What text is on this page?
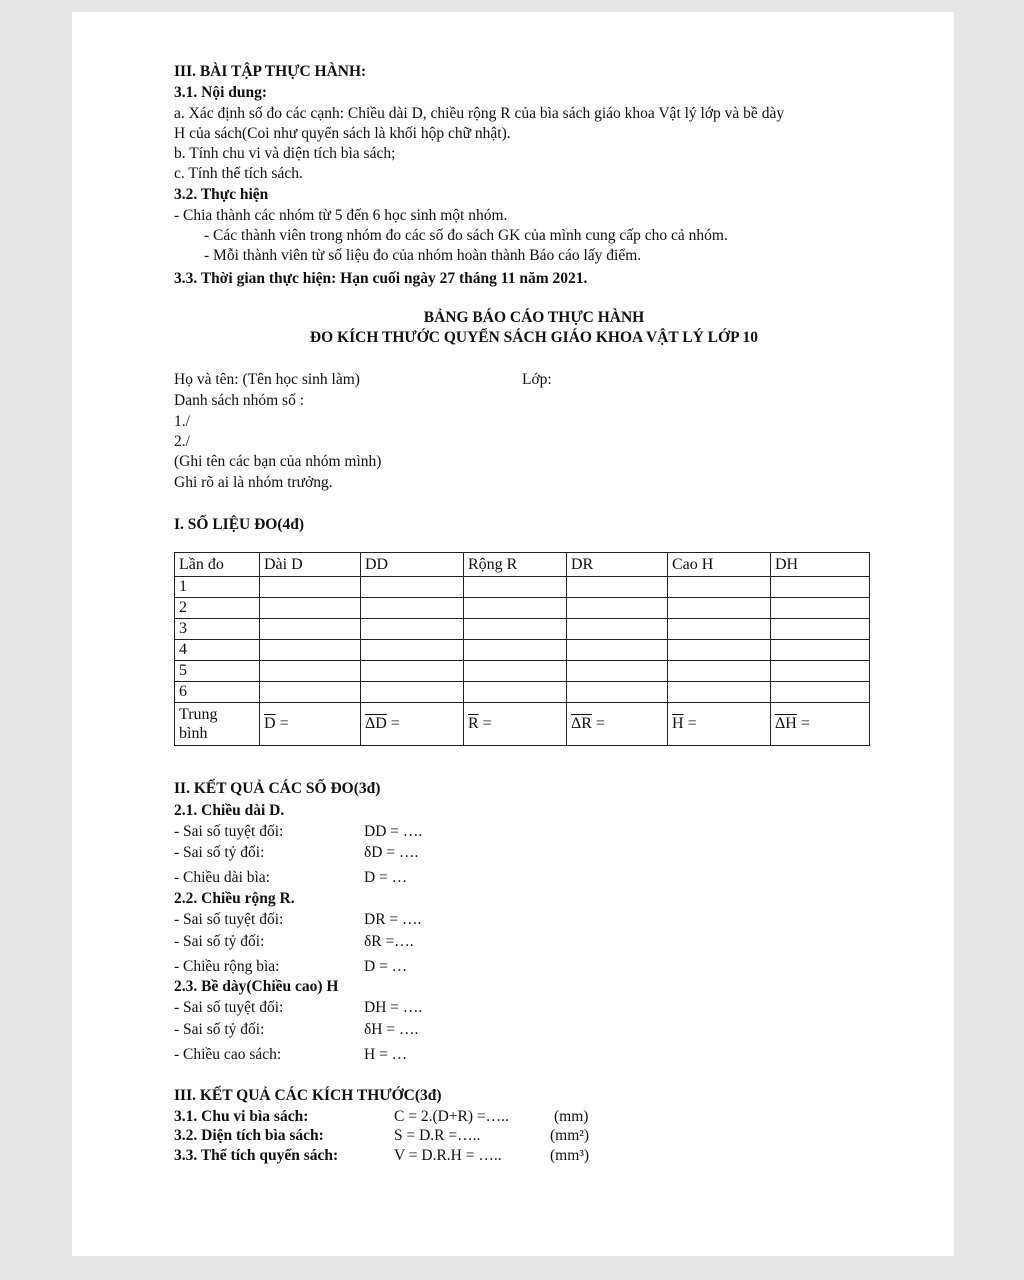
III. BÀI TẬP THỰC HÀNH:
3.1. Nội dung:
a. Xác định số đo các cạnh: Chiều dài D, chiều rộng R của bìa sách giáo khoa Vật lý lớp và bề dày
H của sách(Coi như quyển sách là khối hộp chữ nhật).
b. Tính chu vi và diện tích bìa sách;
c. Tính thể tích sách.
3.2. Thực hiện
- Chia thành các nhóm từ 5 đến 6 học sinh một nhóm.
- Các thành viên trong nhóm đo các số đo sách GK của mình cung cấp cho cả nhóm.
- Mỗi thành viên từ số liệu đo của nhóm hoàn thành Báo cáo lấy điểm.
3.3. Thời gian thực hiện: Hạn cuối ngày 27 tháng 11 năm 2021.
BẢNG BÁO CÁO THỰC HÀNH
ĐO KÍCH THƯỚC QUYỂN SÁCH GIÁO KHOA VẬT LÝ LỚP 10
Họ và tên: (Tên học sinh làm)	Lớp:
Danh sách nhóm số :
1./
2./
(Ghi tên các bạn của nhóm mình)
Ghi rõ ai là nhóm trưởng.
I. SỐ LIỆU ĐO(4đ)
Lần đo	Dài D	DD	Rộng R	DR	Cao H	DH
1						
2						
3						
4						
5						
6						
Trung
bình	$\overline{D}$ =	$\overline{\Delta D}$ =	$\overline{R}$ =	$\overline{\Delta R}$ =	$\overline{H}$ =	$\overline{\Delta H}$ =
II. KẾT QUẢ CÁC SỐ ĐO(3đ)
2.1. Chiều dài D.
- Sai số tuyệt đối:	DD = ….
- Sai số tỷ đối:	δD = ….
- Chiều dài bìa:	D = …
2.2. Chiều rộng R.
- Sai số tuyệt đối:	DR = ….
- Sai số tỷ đối:	δR =….
- Chiều rộng bìa:	D = …
2.3. Bề dày(Chiều cao) H
- Sai số tuyệt đối:	DH = ….
- Sai số tỷ đối:	δH = ….
- Chiều cao sách:	H = …
III. KẾT QUẢ CÁC KÍCH THƯỚC(3đ)
3.1. Chu vi bìa sách:	C = 2.(D+R) =…..	(mm)
3.2. Diện tích bìa sách:	S = D.R =…..	(mm²)
3.3. Thể tích quyển sách:	V = D.R.H = …..	(mm³)
